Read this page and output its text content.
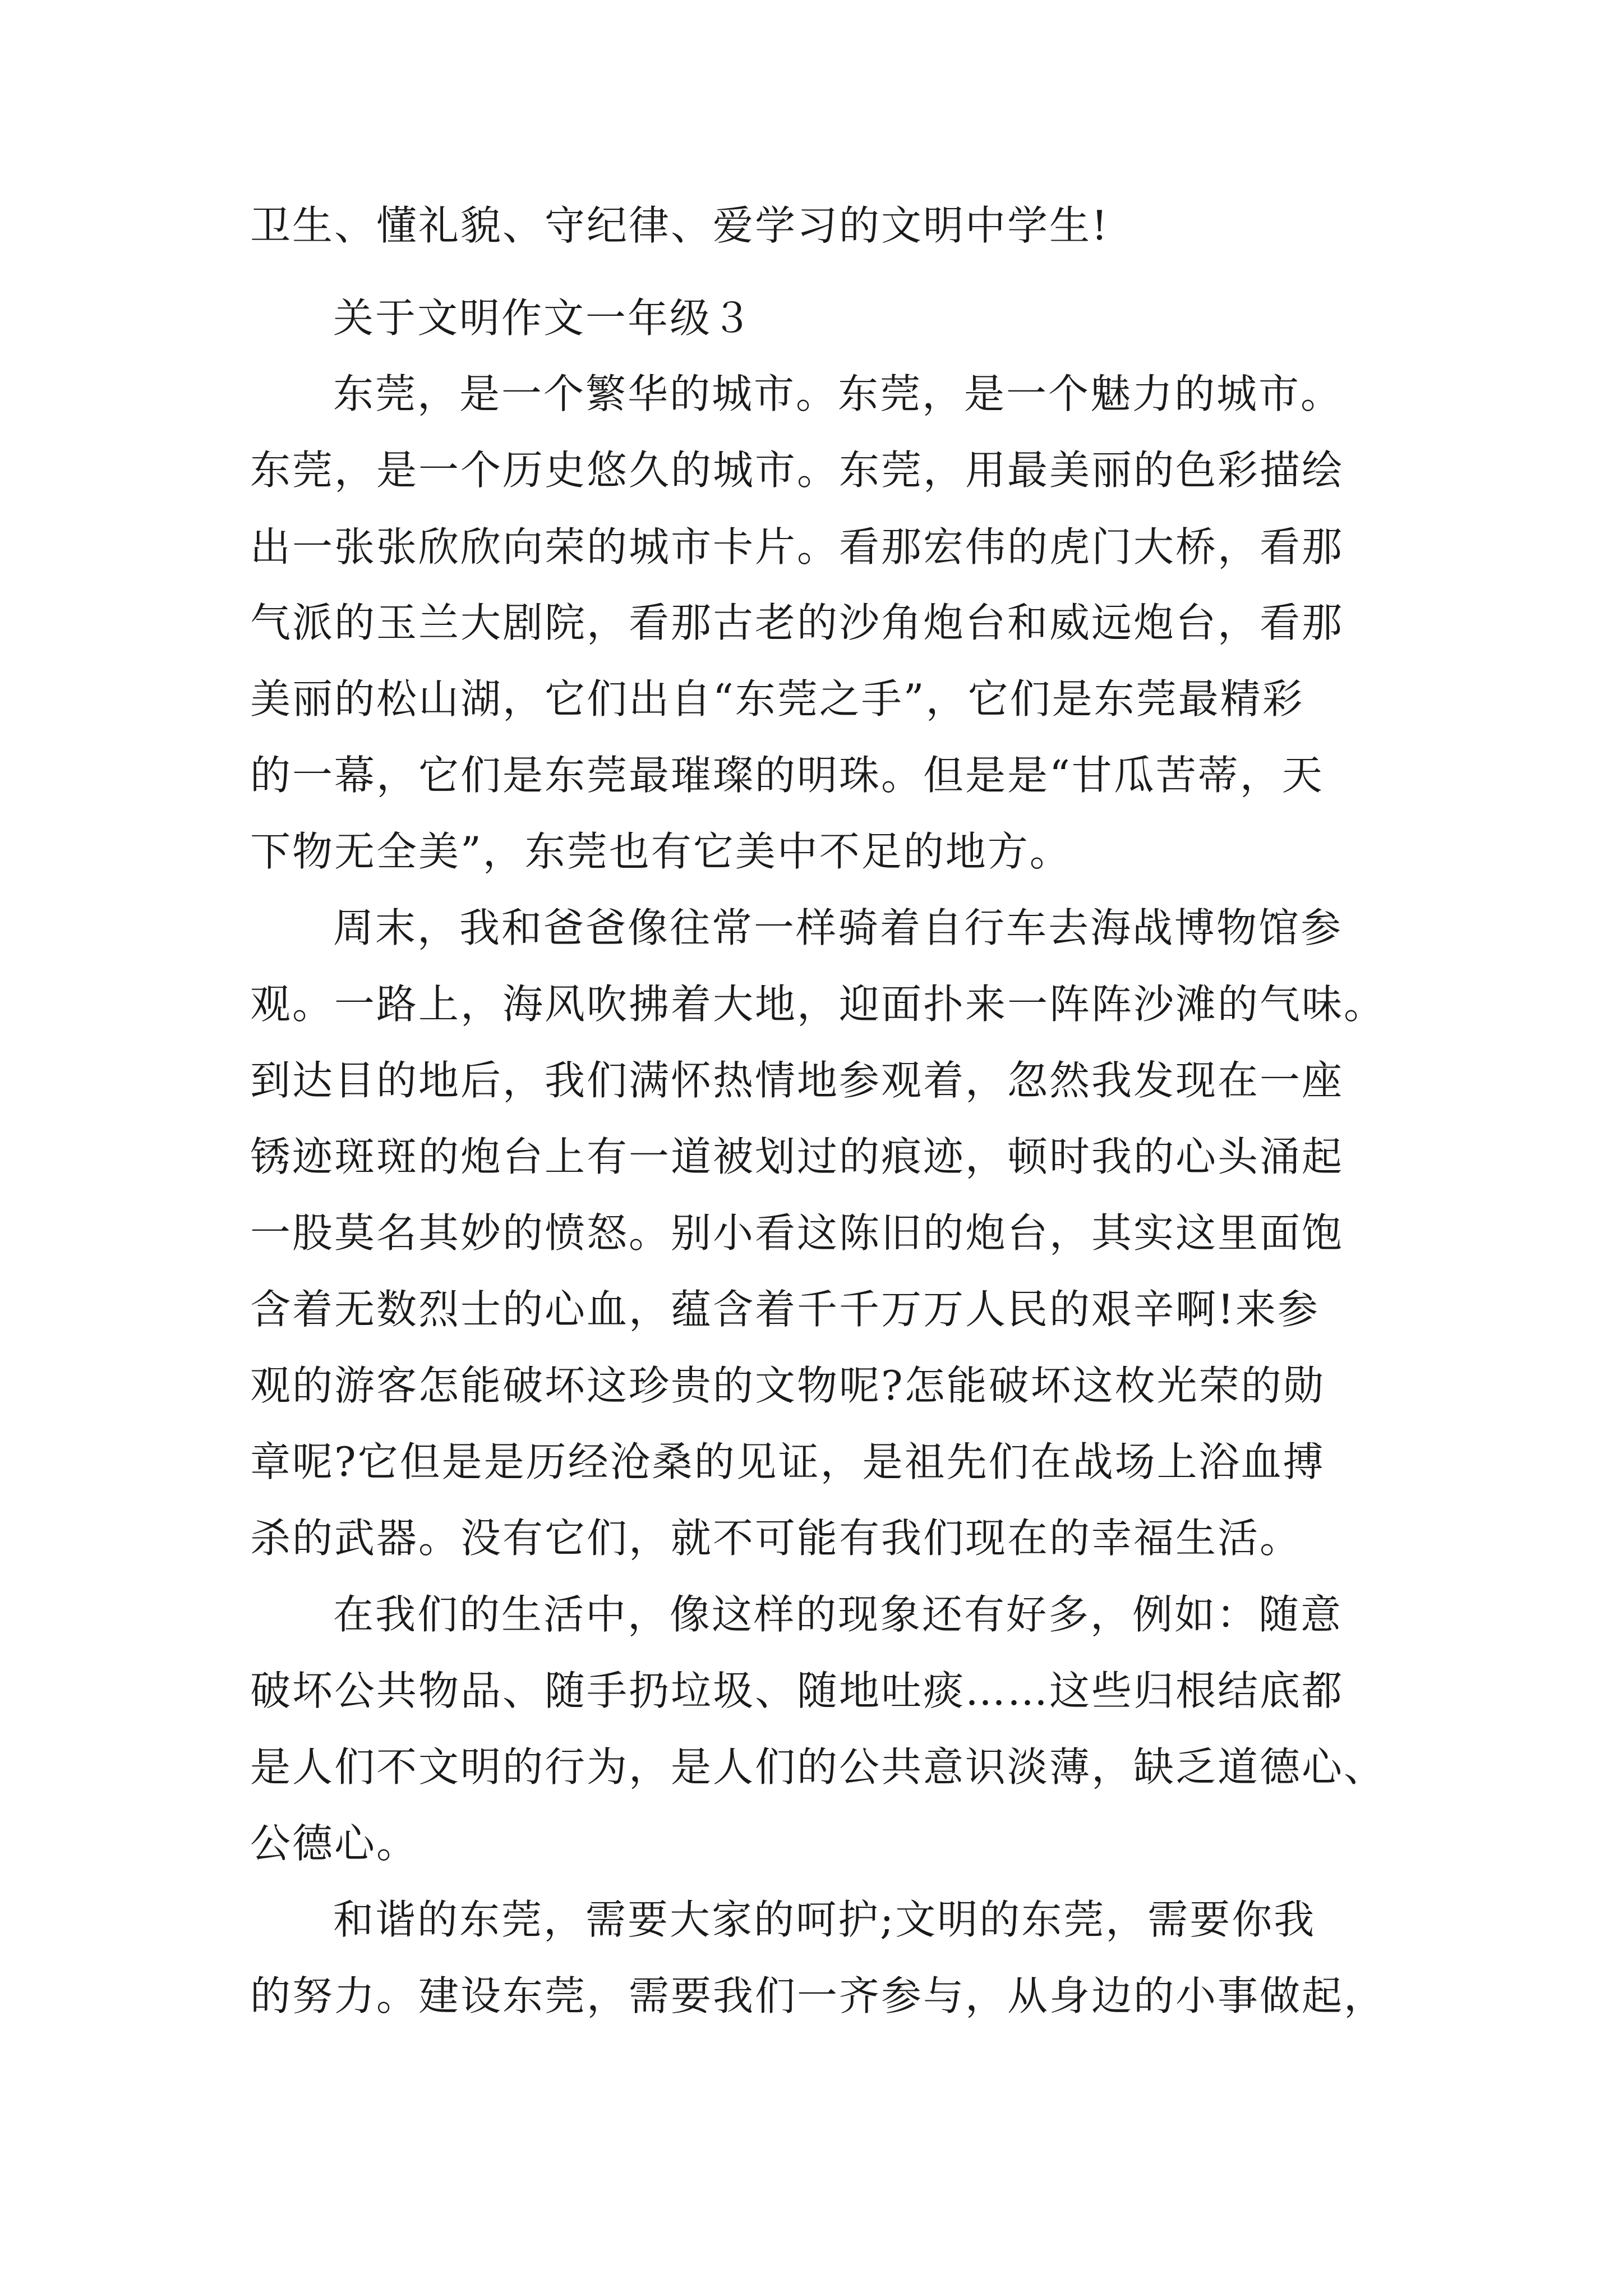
卫生、懂礼貌、守纪律、爱学习的文明中学生!
关于文明作文一年级３
东莞，是一个繁华的城市。东莞，是一个魅力的城市。
东莞，是一个历史悠久的城市。东莞，用最美丽的色彩描绘
出一张张欣欣向荣的城市卡片。看那宏伟的虎门大桥，看那
气派的玉兰大剧院，看那古老的沙角炮台和威远炮台，看那
美丽的松山湖，它们出自“东莞之手”，它们是东莞最精彩
的一幕，它们是东莞最璀璨的明珠。但是是“甘瓜苦蒂，天
下物无全美”，东莞也有它美中不足的地方。
周末，我和爸爸像往常一样骑着自行车去海战博物馆参
观。一路上，海风吹拂着大地，迎面扑来一阵阵沙滩的气味。
到达目的地后，我们满怀热情地参观着，忽然我发现在一座
锈迹斑斑的炮台上有一道被划过的痕迹，顿时我的心头涌起
一股莫名其妙的愤怒。别小看这陈旧的炮台，其实这里面饱
含着无数烈士的心血，蕴含着千千万万人民的艰辛啊!来参
观的游客怎能破坏这珍贵的文物呢?怎能破坏这枚光荣的勋
章呢?它但是是历经沧桑的见证，是祖先们在战场上浴血搏
杀的武器。没有它们，就不可能有我们现在的幸福生活。
在我们的生活中，像这样的现象还有好多，例如：随意
破坏公共物品、随手扔垃圾、随地吐痰……这些归根结底都
是人们不文明的行为，是人们的公共意识淡薄，缺乏道德心、
公德心。
和谐的东莞，需要大家的呵护;文明的东莞，需要你我
的努力。建设东莞，需要我们一齐参与，从身边的小事做起，
